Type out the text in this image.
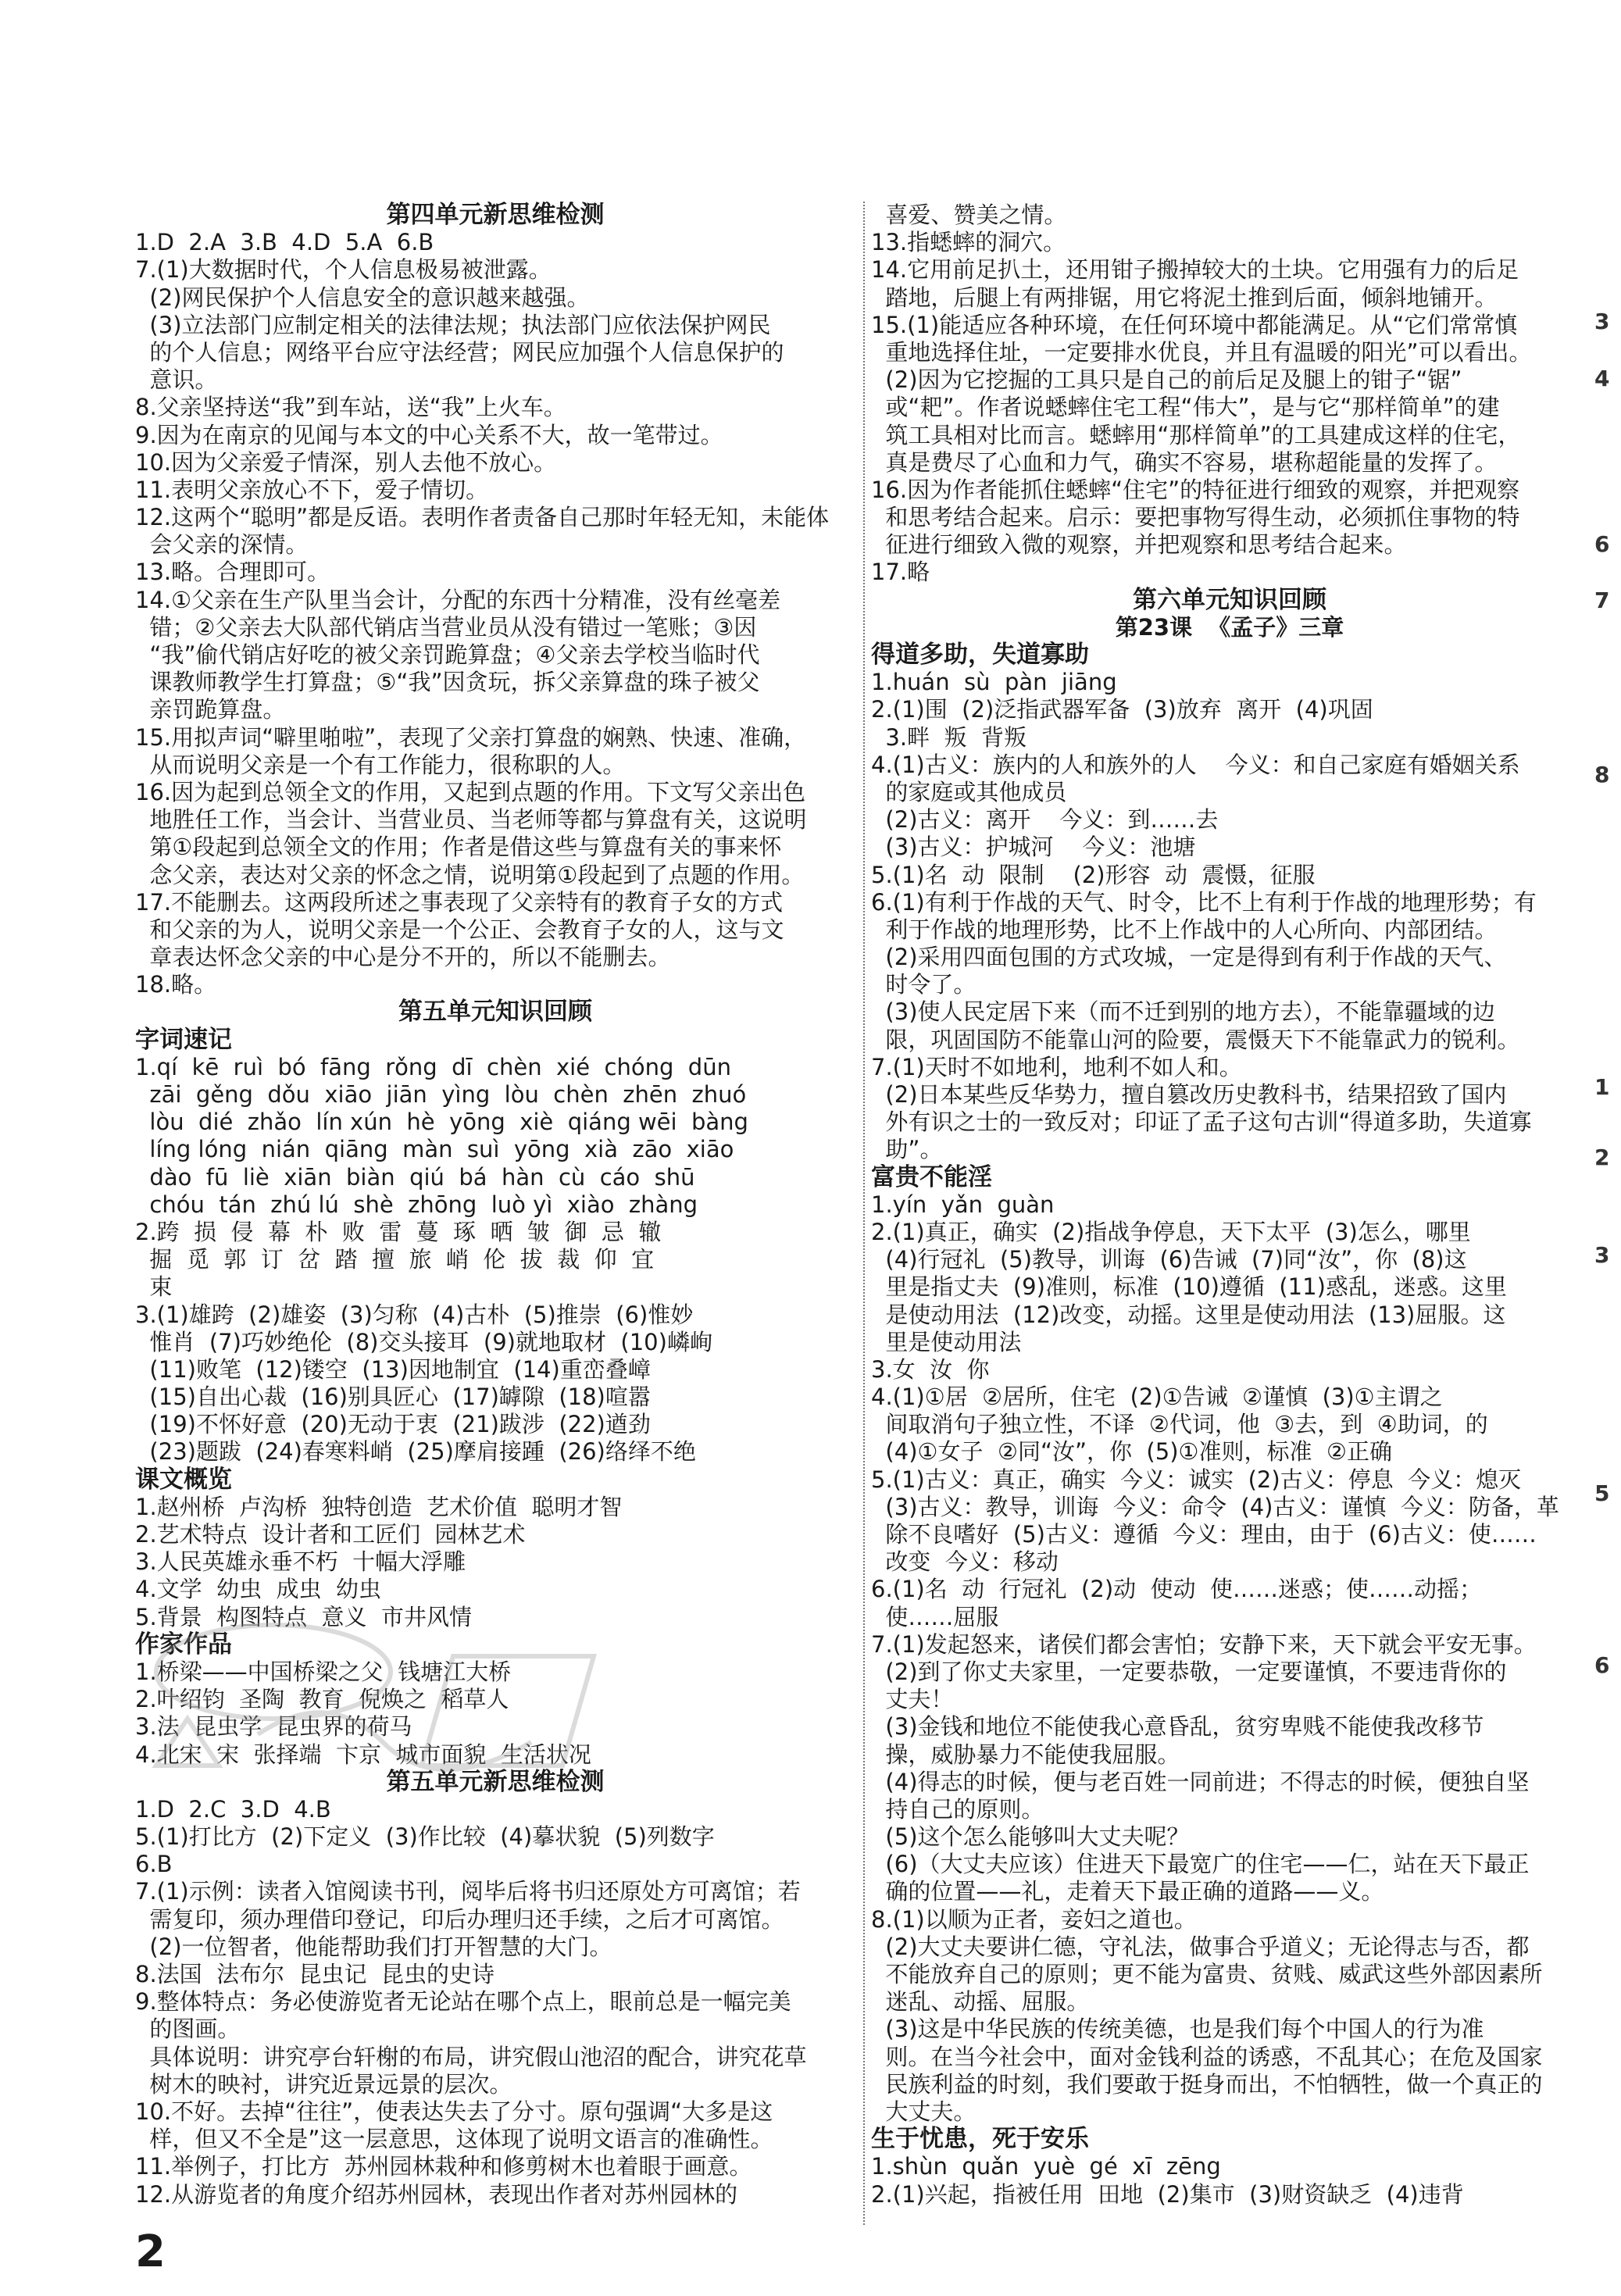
第四单元新思维检测
1.D  2.A  3.B  4.D  5.A  6.B
7.(1)大数据时代，个人信息极易被泄露。
(2)网民保护个人信息安全的意识越来越强。
(3)立法部门应制定相关的法律法规；执法部门应依法保护网民
的个人信息；网络平台应守法经营；网民应加强个人信息保护的
意识。
8.父亲坚持送“我”到车站，送“我”上火车。
9.因为在南京的见闻与本文的中心关系不大，故一笔带过。
10.因为父亲爱子情深，别人去他不放心。
11.表明父亲放心不下，爱子情切。
12.这两个“聪明”都是反语。表明作者责备自己那时年轻无知，未能体
会父亲的深情。
13.略。合理即可。
14.①父亲在生产队里当会计，分配的东西十分精准，没有丝毫差
错；②父亲去大队部代销店当营业员从没有错过一笔账；③因
“我”偷代销店好吃的被父亲罚跪算盘；④父亲去学校当临时代
课教师教学生打算盘；⑤“我”因贪玩，拆父亲算盘的珠子被父
亲罚跪算盘。
15.用拟声词“噼里啪啦”，表现了父亲打算盘的娴熟、快速、准确，
从而说明父亲是一个有工作能力，很称职的人。
16.因为起到总领全文的作用，又起到点题的作用。下文写父亲出色
地胜任工作，当会计、当营业员、当老师等都与算盘有关，这说明
第①段起到总领全文的作用；作者是借这些与算盘有关的事来怀
念父亲，表达对父亲的怀念之情，说明第①段起到了点题的作用。
17.不能删去。这两段所述之事表现了父亲特有的教育子女的方式
和父亲的为人，说明父亲是一个公正、会教育子女的人，这与文
章表达怀念父亲的中心是分不开的，所以不能删去。
18.略。
第五单元知识回顾
字词速记
1.qí  kē  ruì  bó  fāng  rǒng  dī  chèn  xié  chóng  dūn
zāi  gěng  dǒu  xiāo  jiān  yìng  lòu  chèn  zhēn  zhuó
lòu  dié  zhǎo  lín xún  hè  yōng  xiè  qiáng wēi  bàng
líng lóng  nián  qiāng  màn  suì  yōng  xià  zāo  xiāo
dào  fū  liè  xiān  biàn  qiú  bá  hàn  cù  cáo  shū
chóu  tán  zhú lú  shè  zhōng  luò yì  xiào  zhàng
2.跨  损  侵  幕  朴  败  雷  蔓  琢  晒  皱  御  忌  辙
掘  觅  郭  订  岔  踏  擅  旅  峭  伦  拔  裁  仰  宜
束
3.(1)雄跨  (2)雄姿  (3)匀称  (4)古朴  (5)推崇  (6)惟妙
惟肖  (7)巧妙绝伦  (8)交头接耳  (9)就地取材  (10)嶙峋
(11)败笔  (12)镂空  (13)因地制宜  (14)重峦叠嶂
(15)自出心裁  (16)别具匠心  (17)罅隙  (18)喧嚣
(19)不怀好意  (20)无动于衷  (21)跋涉  (22)遒劲
(23)题跋  (24)春寒料峭  (25)摩肩接踵  (26)络绎不绝
课文概览
1.赵州桥  卢沟桥  独特创造  艺术价值  聪明才智
2.艺术特点  设计者和工匠们  园林艺术
3.人民英雄永垂不朽  十幅大浮雕
4.文学  幼虫  成虫  幼虫
5.背景  构图特点  意义  市井风情
作家作品
1.桥梁——中国桥梁之父  钱塘江大桥
2.叶绍钧  圣陶  教育  倪焕之  稻草人
3.法  昆虫学  昆虫界的荷马
4.北宋  宋  张择端  卞京  城市面貌  生活状况
第五单元新思维检测
1.D  2.C  3.D  4.B
5.(1)打比方  (2)下定义  (3)作比较  (4)摹状貌  (5)列数字
6.B
7.(1)示例：读者入馆阅读书刊，阅毕后将书归还原处方可离馆；若
需复印，须办理借印登记，印后办理归还手续，之后才可离馆。
(2)一位智者，他能帮助我们打开智慧的大门。
8.法国  法布尔  昆虫记  昆虫的史诗
9.整体特点：务必使游览者无论站在哪个点上，眼前总是一幅完美
的图画。
具体说明：讲究亭台轩榭的布局，讲究假山池沼的配合，讲究花草
树木的映衬，讲究近景远景的层次。
10.不好。去掉“往往”，使表达失去了分寸。原句强调“大多是这
样，但又不全是”这一层意思，这体现了说明文语言的准确性。
11.举例子，打比方  苏州园林栽种和修剪树木也着眼于画意。
12.从游览者的角度介绍苏州园林，表现出作者对苏州园林的
喜爱、赞美之情。
13.指蟋蟀的洞穴。
14.它用前足扒土，还用钳子搬掉较大的土块。它用强有力的后足
踏地，后腿上有两排锯，用它将泥土推到后面，倾斜地铺开。
15.(1)能适应各种环境，在任何环境中都能满足。从“它们常常慎
重地选择住址，一定要排水优良，并且有温暖的阳光”可以看出。
(2)因为它挖掘的工具只是自己的前后足及腿上的钳子“锯”
或“耙”。作者说蟋蟀住宅工程“伟大”，是与它“那样简单”的建
筑工具相对比而言。蟋蟀用“那样简单”的工具建成这样的住宅，
真是费尽了心血和力气，确实不容易，堪称超能量的发挥了。
16.因为作者能抓住蟋蟀“住宅”的特征进行细致的观察，并把观察
和思考结合起来。启示：要把事物写得生动，必须抓住事物的特
征进行细致入微的观察，并把观察和思考结合起来。
17.略
第六单元知识回顾
第23课  《孟子》三章
得道多助，失道寡助
1.huán  sù  pàn  jiāng
2.(1)围  (2)泛指武器军备  (3)放弃  离开  (4)巩固
3.畔  叛  背叛
4.(1)古义：族内的人和族外的人    今义：和自己家庭有婚姻关系
的家庭或其他成员
(2)古义：离开    今义：到……去
(3)古义：护城河    今义：池塘
5.(1)名  动  限制    (2)形容  动  震慑，征服
6.(1)有利于作战的天气、时令，比不上有利于作战的地理形势；有
利于作战的地理形势，比不上作战中的人心所向、内部团结。
(2)采用四面包围的方式攻城，一定是得到有利于作战的天气、
时令了。
(3)使人民定居下来（而不迁到别的地方去），不能靠疆域的边
限，巩固国防不能靠山河的险要，震慑天下不能靠武力的锐利。
7.(1)天时不如地利，地利不如人和。
(2)日本某些反华势力，擅自篡改历史教科书，结果招致了国内
外有识之士的一致反对；印证了孟子这句古训“得道多助，失道寡
助”。
富贵不能淫
1.yín  yǎn  guàn
2.(1)真正，确实  (2)指战争停息，天下太平  (3)怎么，哪里
(4)行冠礼  (5)教导，训诲  (6)告诫  (7)同“汝”，你  (8)这
里是指丈夫  (9)准则，标准  (10)遵循  (11)惑乱，迷惑。这里
是使动用法  (12)改变，动摇。这里是使动用法  (13)屈服。这
里是使动用法
3.女  汝  你
4.(1)①居  ②居所，住宅  (2)①告诫  ②谨慎  (3)①主谓之
间取消句子独立性，不译  ②代词，他  ③去，到  ④助词，的
(4)①女子  ②同“汝”，你  (5)①准则，标准  ②正确
5.(1)古义：真正，确实  今义：诚实  (2)古义：停息  今义：熄灭
(3)古义：教导，训诲  今义：命令  (4)古义：谨慎  今义：防备，革
除不良嗜好  (5)古义：遵循  今义：理由，由于  (6)古义：使……
改变  今义：移动
6.(1)名  动  行冠礼  (2)动  使动  使……迷惑；使……动摇；
使……屈服
7.(1)发起怒来，诸侯们都会害怕；安静下来，天下就会平安无事。
(2)到了你丈夫家里，一定要恭敬，一定要谨慎，不要违背你的
丈夫！
(3)金钱和地位不能使我心意昏乱，贫穷卑贱不能使我改移节
操，威胁暴力不能使我屈服。
(4)得志的时候，便与老百姓一同前进；不得志的时候，便独自坚
持自己的原则。
(5)这个怎么能够叫大丈夫呢？
(6)（大丈夫应该）住进天下最宽广的住宅——仁，站在天下最正
确的位置——礼，走着天下最正确的道路——义。
8.(1)以顺为正者，妾妇之道也。
(2)大丈夫要讲仁德，守礼法，做事合乎道义；无论得志与否，都
不能放弃自己的原则；更不能为富贵、贫贱、威武这些外部因素所
迷乱、动摇、屈服。
(3)这是中华民族的传统美德，也是我们每个中国人的行为准
则。在当今社会中，面对金钱利益的诱惑，不乱其心；在危及国家
民族利益的时刻，我们要敢于挺身而出，不怕牺牲，做一个真正的
大丈夫。
生于忧患，死于安乐
1.shùn  quǎn  yuè  gé  xī  zēng
2.(1)兴起，指被任用  田地  (2)集市  (3)财资缺乏  (4)违背
3
4
6
7
8
1
2
3
5
6
2
